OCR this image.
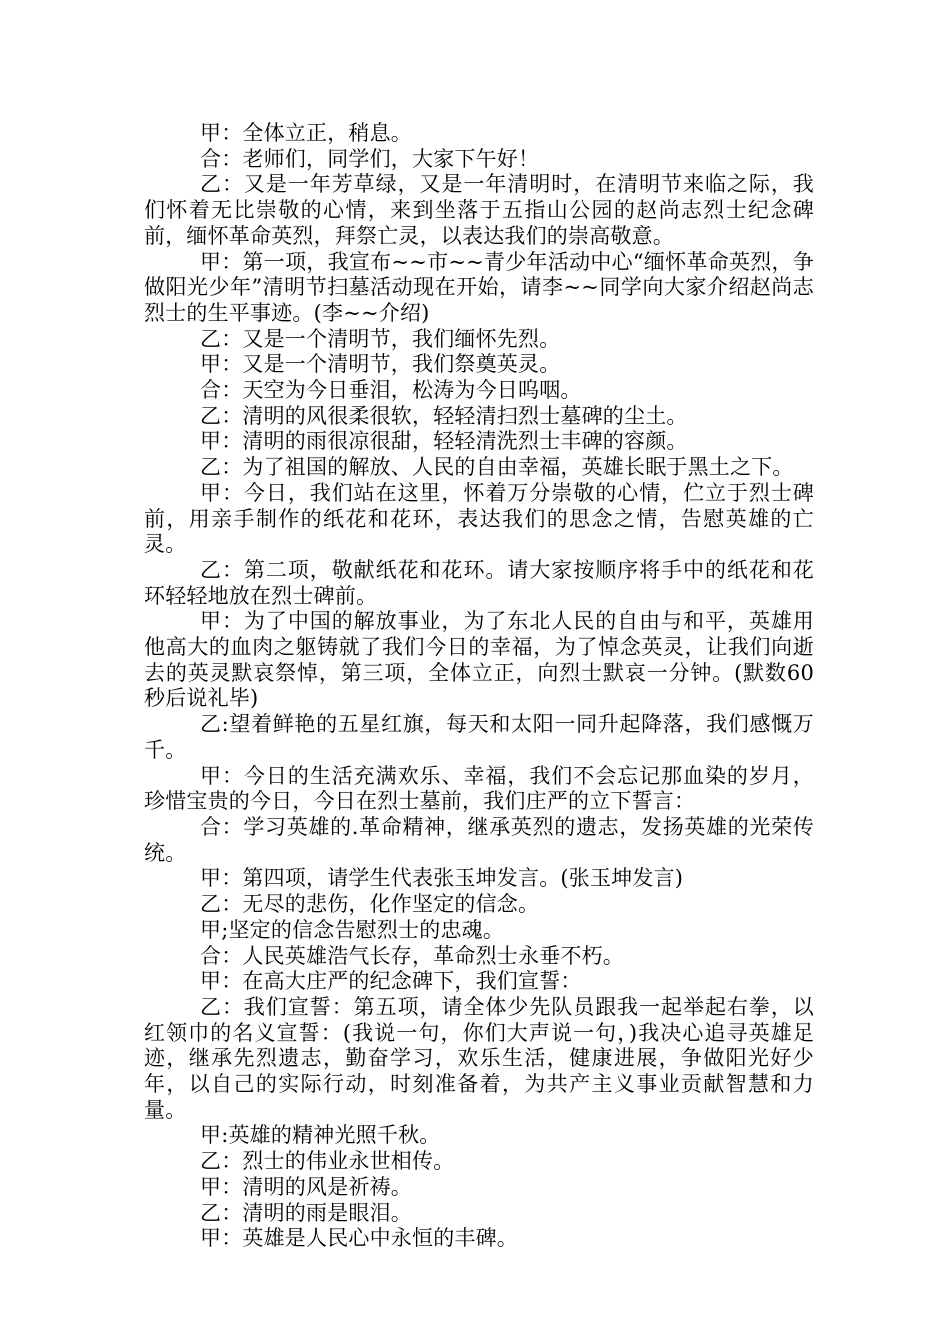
甲：全体立正，稍息。

合：老师们，同学们，大家下午好！

乙：又是一年芳草绿，又是一年清明时，在清明节来临之际，我们怀着无比崇敬的心情，来到坐落于五指山公园的赵尚志烈士纪念碑前，缅怀革命英烈，拜祭亡灵，以表达我们的崇高敬意。

甲：第一项，我宣布~~市~~青少年活动中心“缅怀革命英烈，争做阳光少年”清明节扫墓活动现在开始，请李~~同学向大家介绍赵尚志烈士的生平事迹。(李~~介绍)

乙：又是一个清明节，我们缅怀先烈。

甲：又是一个清明节，我们祭奠英灵。

合：天空为今日垂泪，松涛为今日呜咽。

乙：清明的风很柔很软，轻轻清扫烈士墓碑的尘土。

甲：清明的雨很凉很甜，轻轻清洗烈士丰碑的容颜。

乙：为了祖国的解放、人民的自由幸福，英雄长眠于黑土之下。

甲：今日，我们站在这里，怀着万分崇敬的心情，伫立于烈士碑前，用亲手制作的纸花和花环，表达我们的思念之情，告慰英雄的亡灵。

乙：第二项，敬献纸花和花环。请大家按顺序将手中的纸花和花环轻轻地放在烈士碑前。

甲：为了中国的解放事业，为了东北人民的自由与和平，英雄用他高大的血肉之躯铸就了我们今日的幸福，为了悼念英灵，让我们向逝去的英灵默哀祭悼，第三项，全体立正，向烈士默哀一分钟。(默数60秒后说礼毕)

乙:望着鲜艳的五星红旗，每天和太阳一同升起降落，我们感慨万千。

甲：今日的生活充满欢乐、幸福，我们不会忘记那血染的岁月，珍惜宝贵的今日，今日在烈士墓前，我们庄严的立下誓言：

合：学习英雄的.革命精神，继承英烈的遗志，发扬英雄的光荣传统。

甲：第四项，请学生代表张玉坤发言。(张玉坤发言)

乙：无尽的悲伤，化作坚定的信念。

甲;坚定的信念告慰烈士的忠魂。

合：人民英雄浩气长存，革命烈士永垂不朽。

甲：在高大庄严的纪念碑下，我们宣誓：

乙：我们宣誓：第五项，请全体少先队员跟我一起举起右拳，以红领巾的名义宣誓：(我说一句，你们大声说一句，)我决心追寻英雄足迹，继承先烈遗志，勤奋学习，欢乐生活，健康进展，争做阳光好少年，以自己的实际行动，时刻准备着，为共产主义事业贡献智慧和力量。

甲:英雄的精神光照千秋。

乙：烈士的伟业永世相传。

甲：清明的风是祈祷。

乙：清明的雨是眼泪。

甲：英雄是人民心中永恒的丰碑。
